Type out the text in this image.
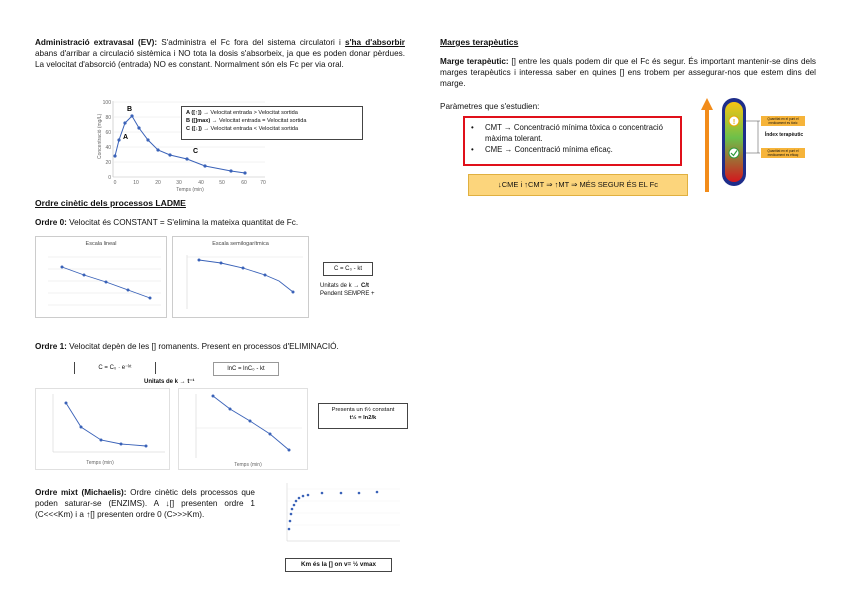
Administració extravasal (EV): S'administra el Fc fora del sistema circulatori i s'ha d'absorbir abans d'arribar a circulació sistèmica i NO tota la dosis s'absorbeix, ja que es poden donar pèrdues. La velocitat d'absorció (entrada) NO es constant. Normalment són els Fc per via oral.
A
B
C
0
20
40
60
80
100
0	10	20	30	40	50	60	70
Temps (min)
Concentració (mg/L)
A ([↑]) → Velocitat entrada > Velocitat sortida
B ([]max) → Velocitat entrada = Velocitat sortida
C ([↓]) → Velocitat entrada < Velocitat sortida
Ordre cinètic dels processos LADME
Ordre 0: Velocitat és CONSTANT = S'elimina la mateixa quantitat de Fc.
Escala lineal	Escala semilogarítmica
C = C₀ - kt
Unitats de k → C/t
Pendent SEMPRE +
Ordre 1: Velocitat depèn de les [] romanents. Present en processos d'ELIMINACIÓ.
C = C₀ · e⁻ᵏᵗ	lnC = lnC₀ - kt
Unitats de k → t⁻¹
Temps (min)	Temps (min)
Presenta un t½ constant
t½ = ln2/k
Ordre mixt (Michaelis): Ordre cinètic dels processos que poden saturar-se (ENZIMS). A ↓[] presenten ordre 1 (C<<<Km) i a ↑[] presenten ordre 0 (C>>>Km).
Km és la [] on v= ½ vmax
Marges terapèutics
Marge terapèutic: [] entre les quals podem dir que el Fc és segur. És important mantenir-se dins dels marges terapèutics i interessa saber en quines [] ens trobem per assegurar-nos que estem dins del marge.
Paràmetres que s'estudien:
•	CMT → Concentració mínima tòxica o concentració màxima tolerant.
•	CME → Concentració mínima eficaç.
↓CME i ↑CMT ⇒ ↑MT ⇒ MÉS SEGUR ÉS EL Fc
!	Quantitat en el punt el medicament es tòxic
Quantitat en el punt el medicament es eficaç
Índex terapèutic
Quantitat de fàrmac en sang
